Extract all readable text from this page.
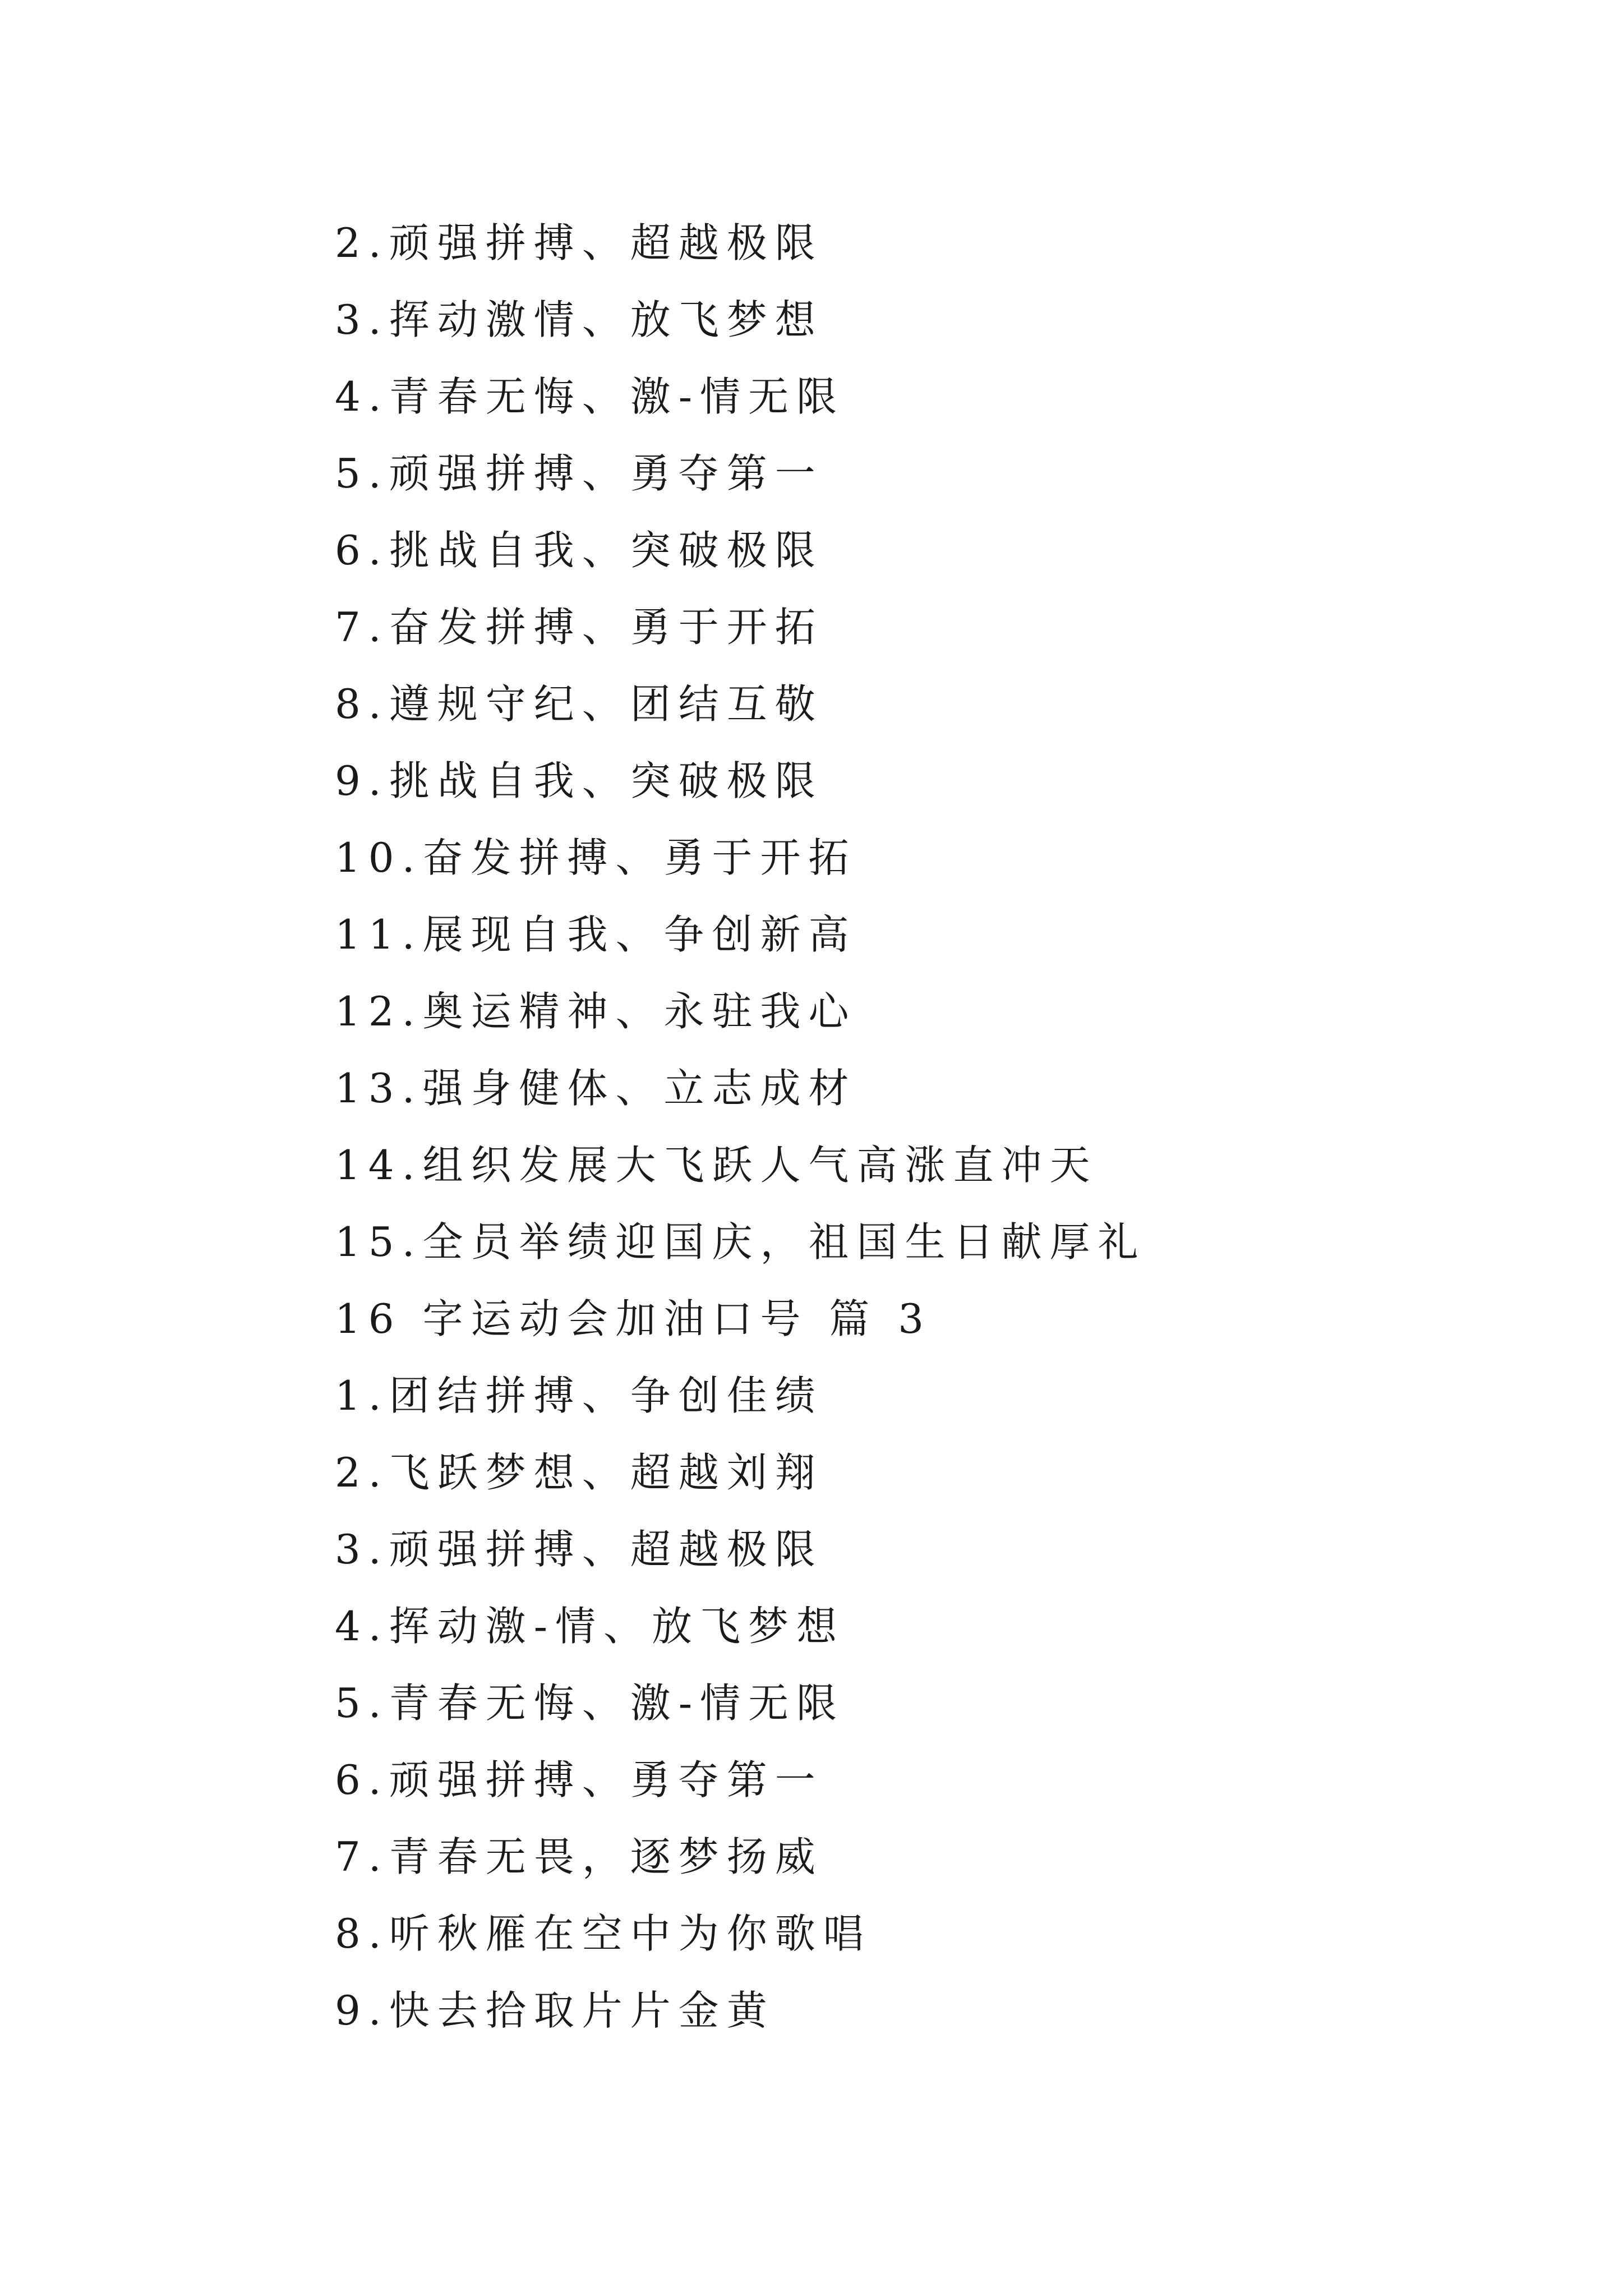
2.顽强拼搏、超越极限
3.挥动激情、放飞梦想
4.青春无悔、激-情无限
5.顽强拼搏、勇夺第一
6.挑战自我、突破极限
7.奋发拼搏、勇于开拓
8.遵规守纪、团结互敬
9.挑战自我、突破极限
10.奋发拼搏、勇于开拓
11.展现自我、争创新高
12.奥运精神、永驻我心
13.强身健体、立志成材
14.组织发展大飞跃人气高涨直冲天
15.全员举绩迎国庆，祖国生日献厚礼
16 字运动会加油口号 篇 3
1.团结拼搏、争创佳绩
2.飞跃梦想、超越刘翔
3.顽强拼搏、超越极限
4.挥动激-情、放飞梦想
5.青春无悔、激-情无限
6.顽强拼搏、勇夺第一
7.青春无畏，逐梦扬威
8.听秋雁在空中为你歌唱
9.快去拾取片片金黄
